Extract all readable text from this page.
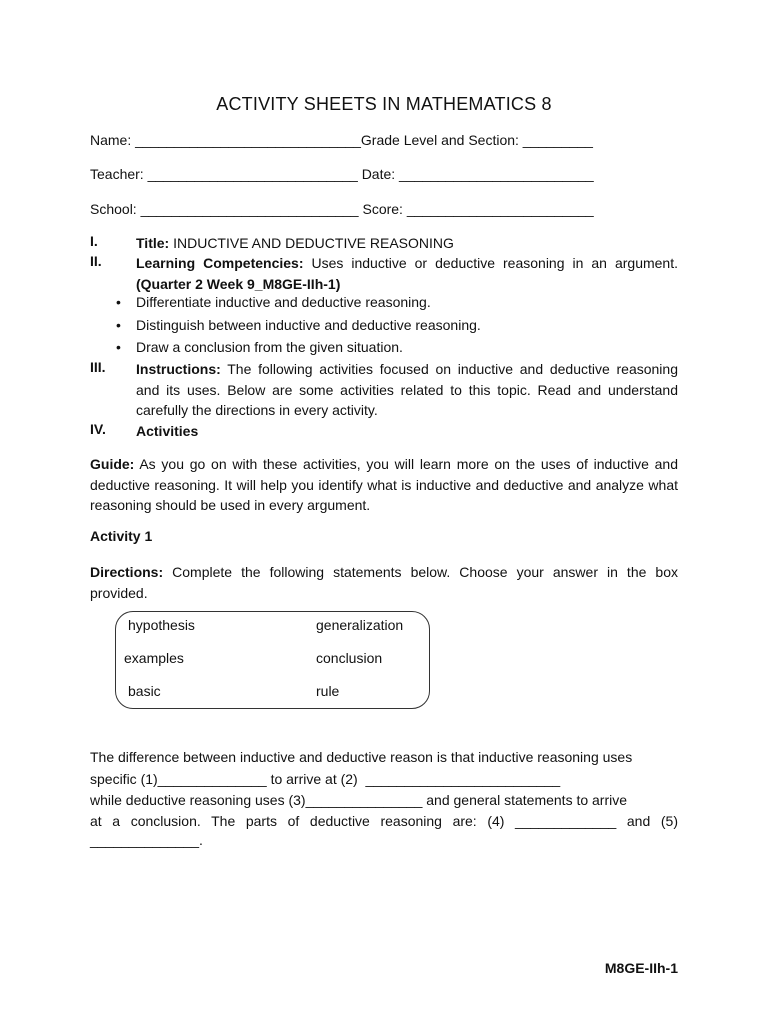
ACTIVITY SHEETS IN MATHEMATICS 8
Name: _____________________________Grade Level and Section: _________
Teacher: ___________________________ Date: _________________________
School: ____________________________ Score: ________________________
I.	Title: INDUCTIVE AND DEDUCTIVE REASONING
II. Learning Competencies: Uses inductive or deductive reasoning in an argument. (Quarter 2 Week 9_M8GE-IIh-1)
• Differentiate inductive and deductive reasoning.
• Distinguish between inductive and deductive reasoning.
• Draw a conclusion from the given situation.
III. Instructions: The following activities focused on inductive and deductive reasoning and its uses. Below are some activities related to this topic. Read and understand carefully the directions in every activity.
IV. Activities
Guide: As you go on with these activities, you will learn more on the uses of inductive and deductive reasoning. It will help you identify what is inductive and deductive and analyze what reasoning should be used in every argument.
Activity 1
Directions: Complete the following statements below. Choose your answer in the box provided.
hypothesis	generalization
examples	conclusion
basic	rule
The difference between inductive and deductive reason is that inductive reasoning uses
specific (1)______________ to arrive at (2)  _________________________
while deductive reasoning uses (3)_______________ and general statements to arrive
at a conclusion. The parts of deductive reasoning are: (4) _____________ and (5)
______________.
M8GE-IIh-1
